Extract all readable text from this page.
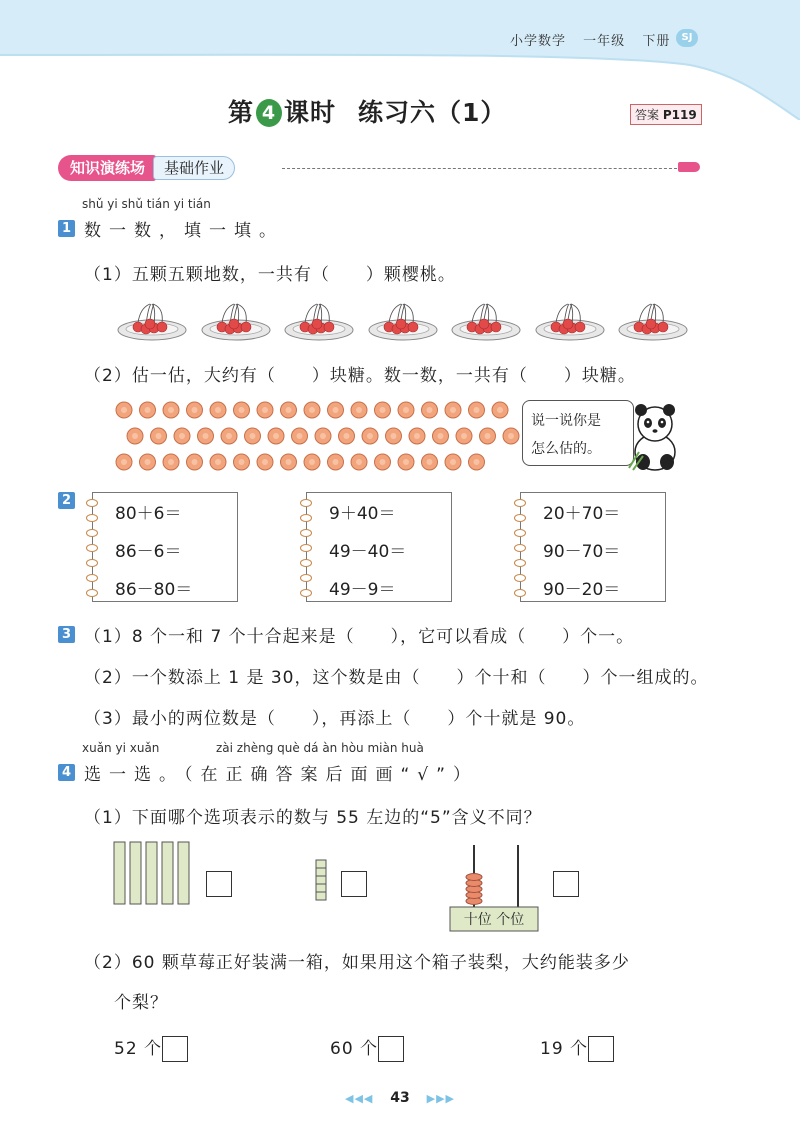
小学数学 一年级 下册	SJ
第 4 课时 练习六（1）	答案 P119
知识演练场 基础作业
shǔ yi shǔ tián yi tián
1 数一数，填一填。
（1）五颗五颗地数，一共有（　　）颗樱桃。
（2）估一估，大约有（　　）块糖。数一数，一共有（　　）块糖。
说一说你是
怎么估的。
2
80＋6＝
86－6＝
86－80＝
9＋40＝
49－40＝
49－9＝
20＋70＝
90－70＝
90－20＝
3 （1）8 个一和 7 个十合起来是（　　），它可以看成（　　）个一。
（2）一个数添上 1 是 30，这个数是由（　　）个十和（　　）个一组成的。
（3）最小的两位数是（　　），再添上（　　）个十就是 90。
xuǎn yi xuǎn	zài zhèng què dá àn hòu miàn huà
4 选一选。（在正确答案后面画“√”）
（1）下面哪个选项表示的数与 55 左边的“5”含义不同？
十位 个位
（2）60 颗草莓正好装满一箱，如果用这个箱子装梨，大约能装多少
个梨？
52 个	60 个	19 个
◀◀◀ 43 ▶▶▶
